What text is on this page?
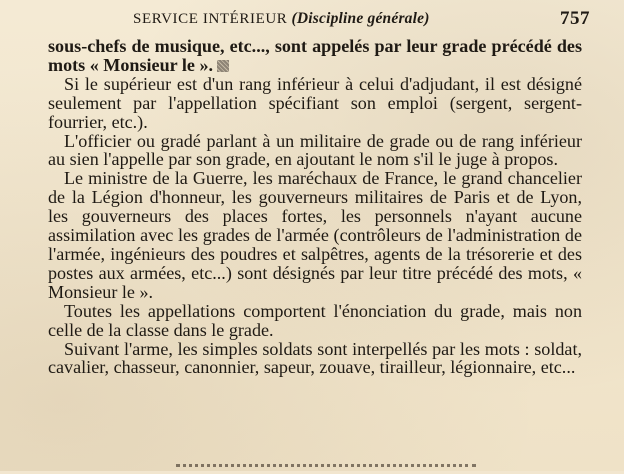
SERVICE INTÉRIEUR (Discipline générale)	757

sous-chefs de musique, etc..., sont appelés par leur grade précédé des mots « Monsieur le ».

Si le supérieur est d'un rang inférieur à celui d'adjudant, il est désigné seulement par l'appellation spécifiant son emploi (sergent, sergent-fourrier, etc.).

L'officier ou gradé parlant à un militaire de grade ou de rang inférieur au sien l'appelle par son grade, en ajoutant le nom s'il le juge à propos.

Le ministre de la Guerre, les maréchaux de France, le grand chancelier de la Légion d'honneur, les gouverneurs militaires de Paris et de Lyon, les gouverneurs des places fortes, les personnels n'ayant aucune assimilation avec les grades de l'armée (contrôleurs de l'administration de l'armée, ingénieurs des poudres et salpêtres, agents de la trésorerie et des postes aux armées, etc...) sont désignés par leur titre précédé des mots, « Monsieur le ».

Toutes les appellations comportent l'énonciation du grade, mais non celle de la classe dans le grade.

Suivant l'arme, les simples soldats sont interpellés par les mots : soldat, cavalier, chasseur, canonnier, sapeur, zouave, tirailleur, légionnaire, etc...
